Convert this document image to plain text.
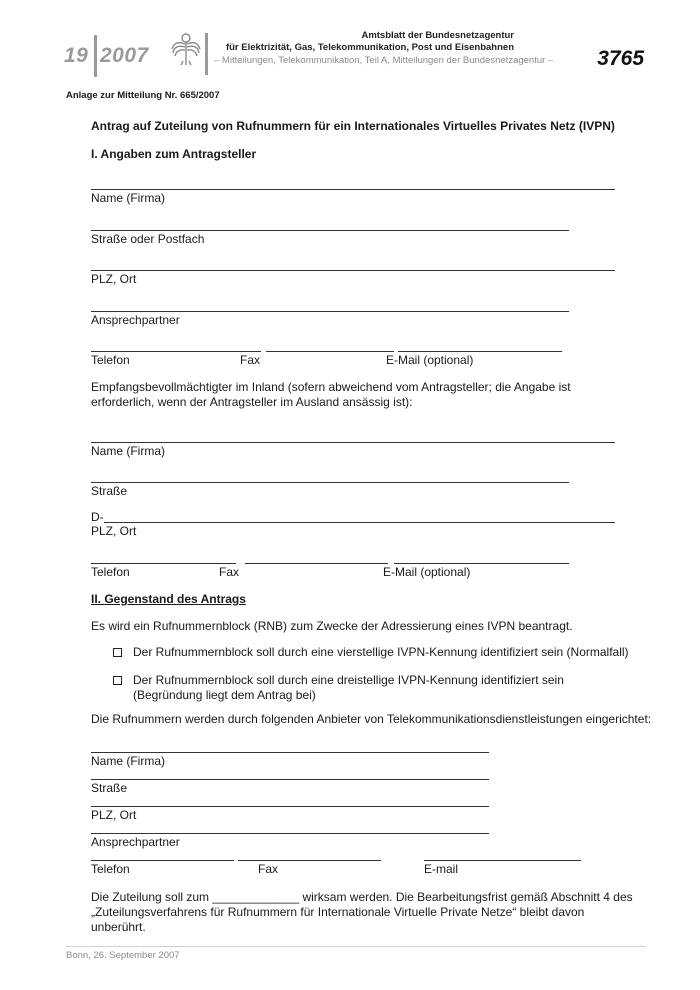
19 2007
Amtsblatt der Bundesnetzagentur
für Elektrizität, Gas, Telekommunikation, Post und Eisenbahnen
– Mitteilungen, Telekommunikation, Teil A, Mitteilungen der Bundesnetzagentur – 3765
Anlage zur Mitteilung Nr. 665/2007
Antrag auf Zuteilung von Rufnummern für ein Internationales Virtuelles Privates Netz (IVPN)
I. Angaben zum Antragsteller
Name (Firma)
Straße oder Postfach
PLZ, Ort
Ansprechpartner
Telefon	Fax	E-Mail (optional)
Empfangsbevollmächtigter im Inland (sofern abweichend vom Antragsteller; die Angabe ist erforderlich, wenn der Antragsteller im Ausland ansässig ist):
Name (Firma)
Straße
D-
PLZ, Ort
Telefon	Fax	E-Mail (optional)
II. Gegenstand des Antrags
Es wird ein Rufnummernblock (RNB) zum Zwecke der Adressierung eines IVPN beantragt.
Der Rufnummernblock soll durch eine vierstellige IVPN-Kennung identifiziert sein (Normalfall)
Der Rufnummernblock soll durch eine dreistellige IVPN-Kennung identifiziert sein (Begründung liegt dem Antrag bei)
Die Rufnummern werden durch folgenden Anbieter von Telekommunikationsdienstleistungen eingerichtet:
Name (Firma)
Straße
PLZ, Ort
Ansprechpartner
Telefon	Fax	E-mail
Die Zuteilung soll zum _____________ wirksam werden. Die Bearbeitungsfrist gemäß Abschnitt 4 des „Zuteilungsverfahrens für Rufnummern für Internationale Virtuelle Private Netze“ bleibt davon unberührt.
Bonn, 26. September 2007
